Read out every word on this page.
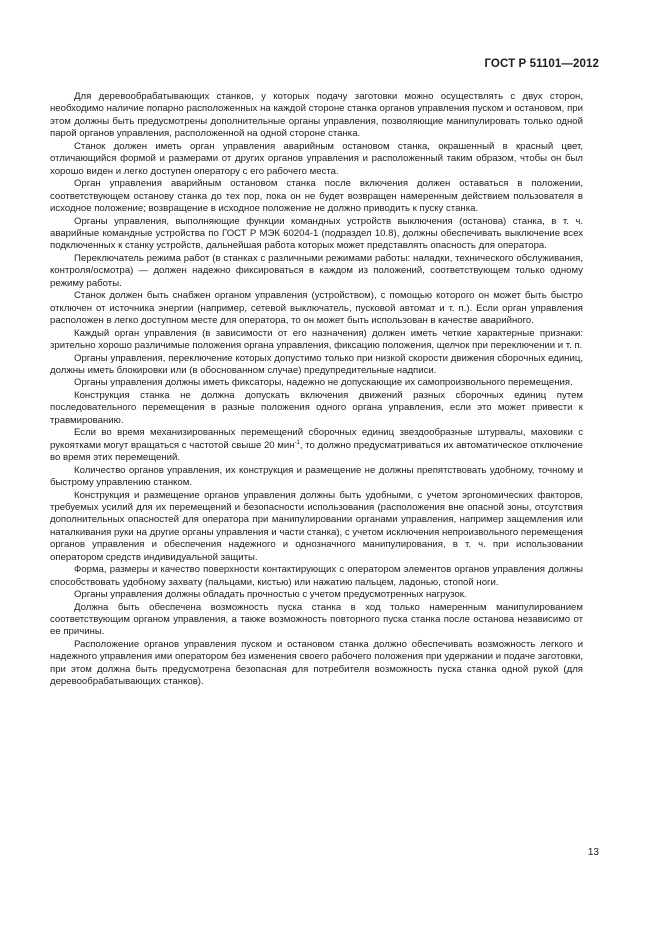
ГОСТ Р 51101—2012

Для деревообрабатывающих станков, у которых подачу заготовки можно осуществлять с двух сторон, необходимо наличие попарно расположенных на каждой стороне станка органов управления пуском и остановом, при этом должны быть предусмотрены дополнительные органы управления, позволяющие манипулировать только одной парой органов управления, расположенной на одной стороне станка.

Станок должен иметь орган управления аварийным остановом станка, окрашенный в красный цвет, отличающийся формой и размерами от других органов управления и расположенный таким образом, чтобы он был хорошо виден и легко доступен оператору с его рабочего места.

Орган управления аварийным остановом станка после включения должен оставаться в положении, соответствующем останову станка до тех пор, пока он не будет возвращен намеренным действием пользователя в исходное положение; возвращение в исходное положение не должно приводить к пуску станка.

Органы управления, выполняющие функции командных устройств выключения (останова) станка, в т. ч. аварийные командные устройства по ГОСТ Р МЭК 60204-1 (подраздел 10.8), должны обеспечивать выключение всех подключенных к станку устройств, дальнейшая работа которых может представлять опасность для оператора.

Переключатель режима работ (в станках с различными режимами работы: наладки, технического обслуживания, контроля/осмотра) — должен надежно фиксироваться в каждом из положений, соответствующем только одному режиму работы.

Станок должен быть снабжен органом управления (устройством), с помощью которого он может быть быстро отключен от источника энергии (например, сетевой выключатель, пусковой автомат и т. п.). Если орган управления расположен в легко доступном месте для оператора, то он может быть использован в качестве аварийного.

Каждый орган управления (в зависимости от его назначения) должен иметь четкие характерные признаки: зрительно хорошо различимые положения органа управления, фиксацию положения, щелчок при переключении и т. п.

Органы управления, переключение которых допустимо только при низкой скорости движения сборочных единиц, должны иметь блокировки или (в обоснованном случае) предупредительные надписи.

Органы управления должны иметь фиксаторы, надежно не допускающие их самопроизвольного перемещения.

Конструкция станка не должна допускать включения движений разных сборочных единиц путем последовательного перемещения в разные положения одного органа управления, если это может привести к травмированию.

Если во время механизированных перемещений сборочных единиц звездообразные штурвалы, маховики с рукоятками могут вращаться с частотой свыше 20 мин$^{-1}$, то должно предусматриваться их автоматическое отключение во время этих перемещений.

Количество органов управления, их конструкция и размещение не должны препятствовать удобному, точному и быстрому управлению станком.

Конструкция и размещение органов управления должны быть удобными, с учетом эргономических факторов, требуемых усилий для их перемещений и безопасности использования (расположения вне опасной зоны, отсутствия дополнительных опасностей для оператора при манипулировании органами управления, например защемления или наталкивания руки на другие органы управления и части станка), с учетом исключения непроизвольного перемещения органов управления и обеспечения надежного и однозначного манипулирования, в т. ч. при использовании оператором средств индивидуальной защиты.

Форма, размеры и качество поверхности контактирующих с оператором элементов органов управления должны способствовать удобному захвату (пальцами, кистью) или нажатию пальцем, ладонью, стопой ноги.

Органы управления должны обладать прочностью с учетом предусмотренных нагрузок.

Должна быть обеспечена возможность пуска станка в ход только намеренным манипулированием соответствующим органом управления, а также возможность повторного пуска станка после останова независимо от ее причины.

Расположение органов управления пуском и остановом станка должно обеспечивать возможность легкого и надежного управления ими оператором без изменения своего рабочего положения при удержании и подаче заготовки, при этом должна быть предусмотрена безопасная для потребителя возможность пуска станка одной рукой (для деревообрабатывающих станков).

13
